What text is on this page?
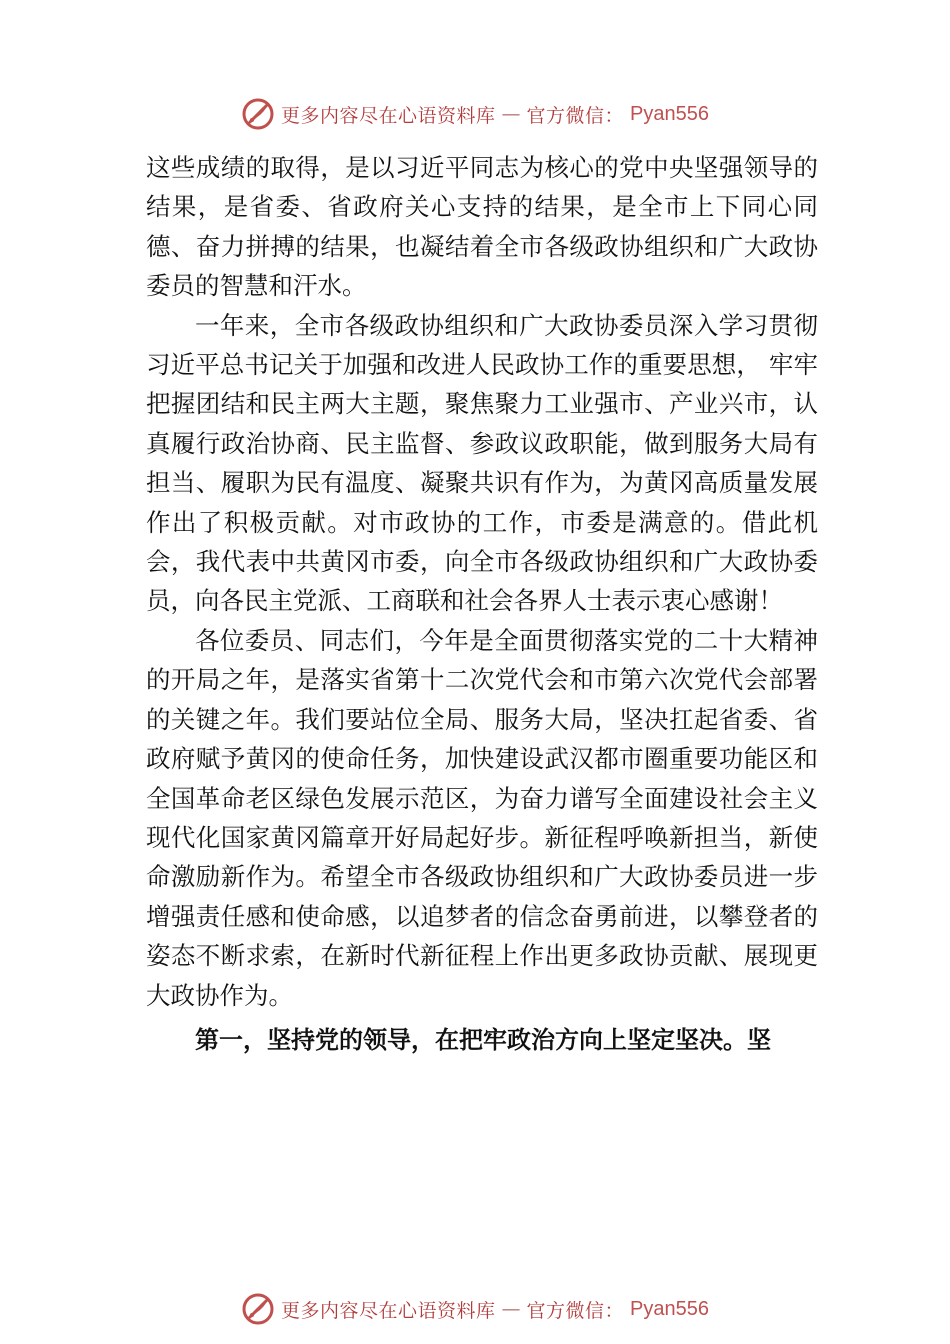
更多内容尽在心语资料库 — 官方微信： Pyan556

这些成绩的取得，是以习近平同志为核心的党中央坚强领导的结果，是省委、省政府关心支持的结果，是全市上下同心同德、奋力拼搏的结果，也凝结着全市各级政协组织和广大政协委员的智慧和汗水。

一年来，全市各级政协组织和广大政协委员深入学习贯彻习近平总书记关于加强和改进人民政协工作的重要思想， 牢牢把握团结和民主两大主题，聚焦聚力工业强市、产业兴市，认真履行政治协商、民主监督、参政议政职能，做到服务大局有担当、履职为民有温度、凝聚共识有作为，为黄冈高质量发展作出了积极贡献。对市政协的工作，市委是满意的。借此机会，我代表中共黄冈市委，向全市各级政协组织和广大政协委员，向各民主党派、工商联和社会各界人士表示衷心感谢！

各位委员、同志们，今年是全面贯彻落实党的二十大精神的开局之年，是落实省第十二次党代会和市第六次党代会部署的关键之年。我们要站位全局、服务大局，坚决扛起省委、省政府赋予黄冈的使命任务，加快建设武汉都市圈重要功能区和全国革命老区绿色发展示范区，为奋力谱写全面建设社会主义现代化国家黄冈篇章开好局起好步。新征程呼唤新担当，新使命激励新作为。希望全市各级政协组织和广大政协委员进一步增强责任感和使命感，以追梦者的信念奋勇前进，以攀登者的姿态不断求索，在新时代新征程上作出更多政协贡献、展现更大政协作为。

第一，坚持党的领导，在把牢政治方向上坚定坚决。坚

更多内容尽在心语资料库 — 官方微信： Pyan556
